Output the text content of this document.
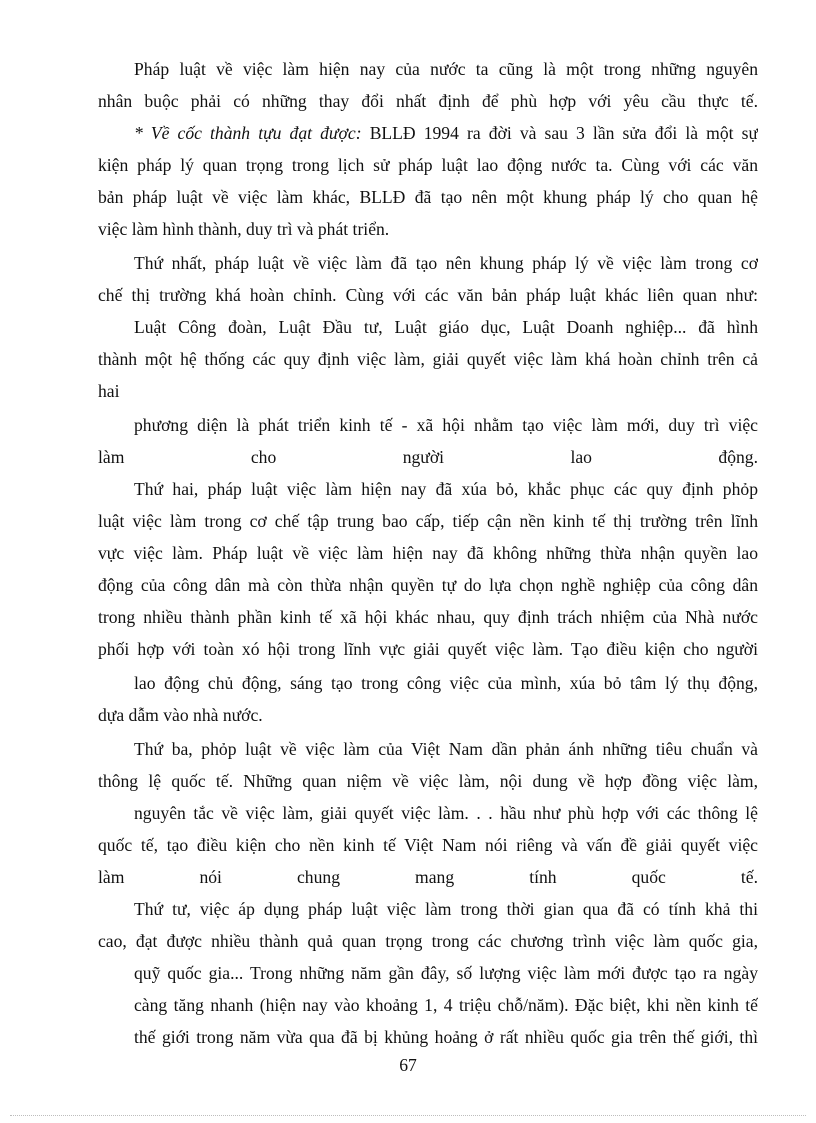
Pháp luật về việc làm hiện nay của nước ta cũng là một trong những nguyên
nhân buộc phải có những thay đổi nhất định để phù hợp với yêu cầu thực tế.
* Về cốc thành tựu đạt được: BLLĐ 1994 ra đời và sau 3 lần sửa đổi là một sự
kiện pháp lý quan trọng trong lịch sử pháp luật lao động nước ta. Cùng với các văn
bản pháp luật về việc làm khác, BLLĐ đã tạo nên một khung pháp lý cho quan hệ
việc làm hình thành, duy trì và phát triển.
Thứ nhất, pháp luật về việc làm đã tạo nên khung pháp lý về việc làm trong cơ
chế thị trường khá hoàn chỉnh. Cùng với các văn bản pháp luật khác liên quan như:
Luật Công đoàn, Luật Đầu tư, Luật giáo dục, Luật Doanh nghiệp... đã hình
thành một hệ thống các quy định việc làm, giải quyết việc làm khá hoàn chỉnh trên cả
hai
phương diện là phát triển kinh tế - xã hội nhằm tạo việc làm mới, duy trì việc
làm cho người lao động.
Thứ hai, pháp luật việc làm hiện nay đã xúa bỏ, khắc phục các quy định phỏp
luật việc làm trong cơ chế tập trung bao cấp, tiếp cận nền kinh tế thị trường trên lĩnh
vực việc làm. Pháp luật về việc làm hiện nay đã không những thừa nhận quyền lao
động của công dân mà còn thừa nhận quyền tự do lựa chọn nghề nghiệp của công dân
trong nhiều thành phần kinh tế xã hội khác nhau, quy định trách nhiệm của Nhà nước
phối hợp với toàn xó hội trong lĩnh vực giải quyết việc làm. Tạo điều kiện cho người
lao động chủ động, sáng tạo trong công việc của mình, xúa bỏ tâm lý thụ động,
dựa dẫm vào nhà nước.
Thứ ba, phỏp luật về việc làm của Việt Nam dần phản ánh những tiêu chuẩn và
thông lệ quốc tế. Những quan niệm về việc làm, nội dung về hợp đồng việc làm,
nguyên tắc về việc làm, giải quyết việc làm. . . hầu như phù hợp với các thông lệ
quốc tế, tạo điều kiện cho nền kinh tế Việt Nam nói riêng và vấn đề giải quyết việc
làm nói chung mang tính quốc tế.
Thứ tư, việc áp dụng pháp luật việc làm trong thời gian qua đã có tính khả thi
cao, đạt được nhiều thành quả quan trọng trong các chương trình việc làm quốc gia,
quỹ quốc gia... Trong những năm gần đây, số lượng việc làm mới được tạo ra ngày
càng tăng nhanh (hiện nay vào khoảng 1, 4 triệu chỗ/năm). Đặc biệt, khi nền kinh tế
thế giới trong năm vừa qua đã bị khủng hoảng ở rất nhiều quốc gia trên thế giới, thì
67
